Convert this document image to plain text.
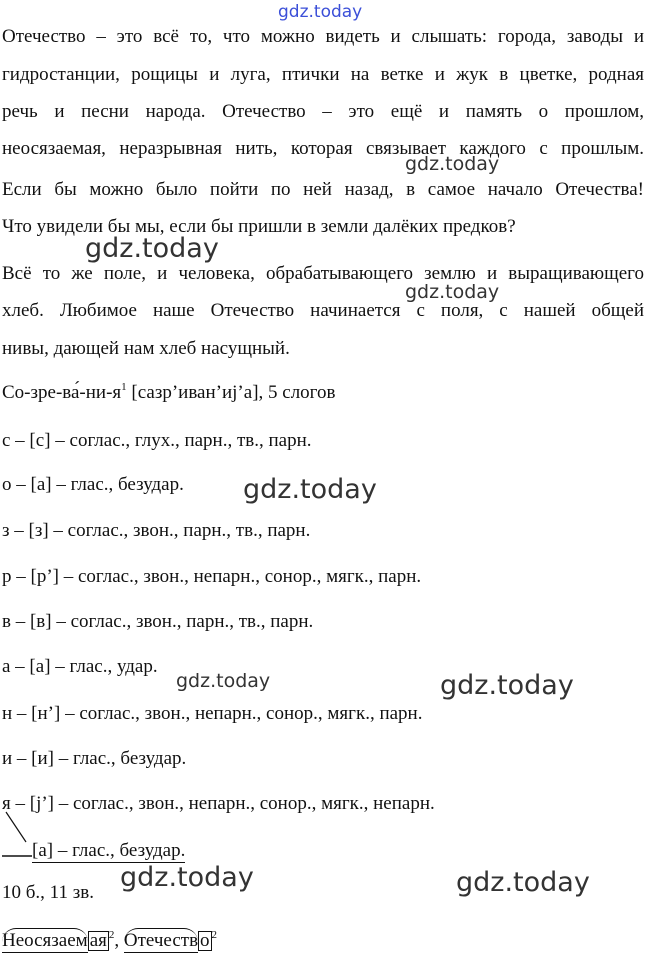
gdz.today
gdz.today
gdz.today
gdz.today
gdz.today
gdz.today	gdz.today
gdz.today	gdz.today
Отечество – это всё то, что можно видеть и слышать: города, заводы и
гидростанции, рощицы и луга, птички на ветке и жук в цветке, родная
речь и песни народа. Отечество – это ещё и память о прошлом,
неосязаемая, неразрывная нить, которая связывает каждого с прошлым.
Если бы можно было пойти по ней назад, в самое начало Отечества!
Что увидели бы мы, если бы пришли в земли далёких предков?
Всё то же поле, и человека, обрабатывающего землю и выращивающего
хлеб. Любимое наше Отечество начинается с поля, с нашей общей
нивы, дающей нам хлеб насущный.
$Со-зре-ва́-ни-я^1$ [сазр’иван’иj’а], 5 слогов
с – [с] – соглас., глух., парн., тв., парн.
о – [а] – глас., безудар.
з – [з] – соглас., звон., парн., тв., парн.
р – [р’] – соглас., звон., непарн., сонор., мягк., парн.
в – [в] – соглас., звон., парн., тв., парн.
а – [а] – глас., удар.
н – [н’] – соглас., звон., непарн., сонор., мягк., парн.
и – [и] – глас., безудар.
я – [j’] – соглас., звон., непарн., сонор., мягк., непарн.
[а] – глас., безудар.
10 б., 11 зв.
Неосязаем ая $^2$, Отечеств о $^2$
